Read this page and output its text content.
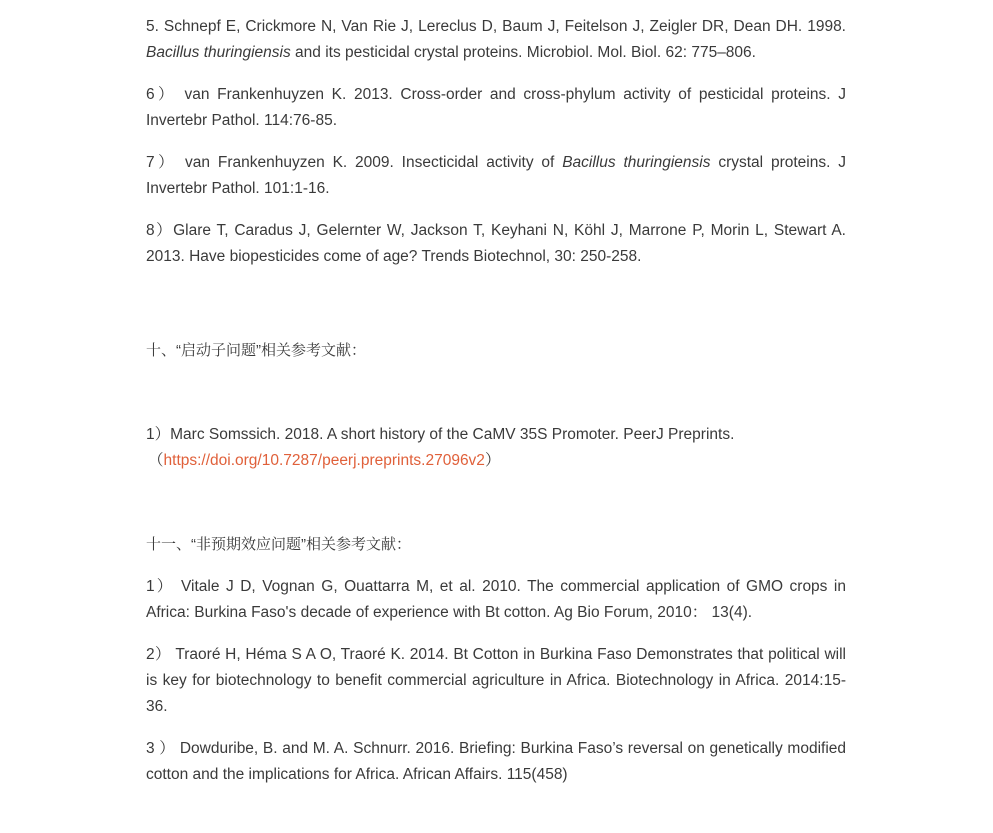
5. Schnepf E, Crickmore N, Van Rie J, Lereclus D, Baum J, Feitelson J, Zeigler DR, Dean DH. 1998. Bacillus thuringiensis and its pesticidal crystal proteins. Microbiol. Mol. Biol. 62: 775–806.

6） van Frankenhuyzen K. 2013. Cross-order and cross-phylum activity of pesticidal proteins. J Invertebr Pathol. 114:76-85.

7） van Frankenhuyzen K. 2009. Insecticidal activity of Bacillus thuringiensis crystal proteins. J Invertebr Pathol. 101:1-16.

8）Glare T, Caradus J, Gelernter W, Jackson T, Keyhani N, Köhl J, Marrone P, Morin L, Stewart A. 2013. Have biopesticides come of age? Trends Biotechnol, 30: 250-258.

十、“启动子问题”相关参考文献：

1）Marc Somssich. 2018. A short history of the CaMV 35S Promoter. PeerJ Preprints.
（https://doi.org/10.7287/peerj.preprints.27096v2）

十一、“非预期效应问题”相关参考文献：

1） Vitale J D, Vognan G, Ouattarra M, et al. 2010. The commercial application of GMO crops in Africa: Burkina Faso's decade of experience with Bt cotton. Ag Bio Forum, 2010： 13(4).

2） Traoré H, Héma S A O, Traoré K. 2014. Bt Cotton in Burkina Faso Demonstrates that political will is key for biotechnology to benefit commercial agriculture in Africa. Biotechnology in Africa. 2014:15-36.

3 ） Dowduribe, B. and M. A. Schnurr. 2016. Briefing: Burkina Faso’s reversal on genetically modified cotton and the implications for Africa. African Affairs. 115(458)
